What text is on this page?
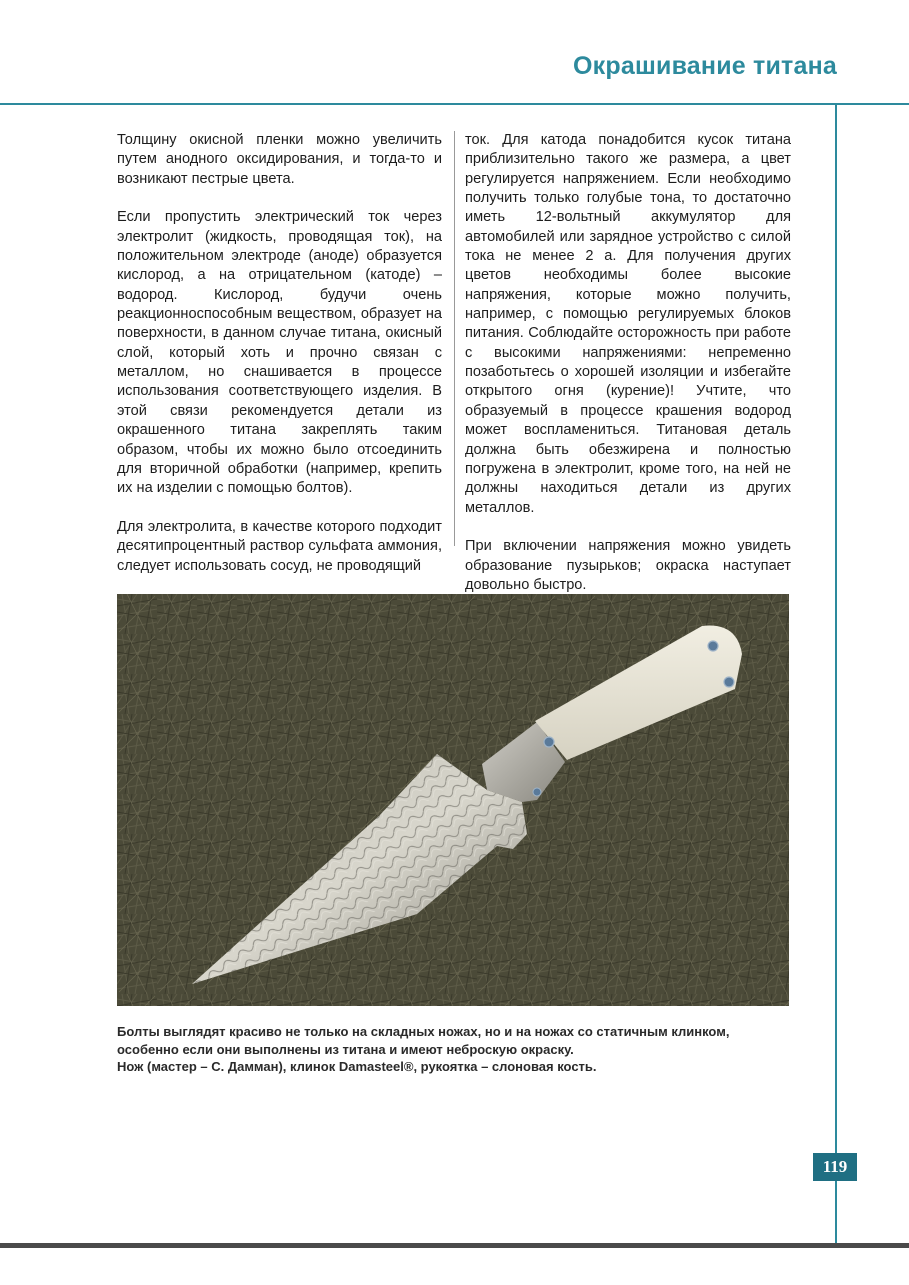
Окрашивание титана

Толщину окисной пленки можно увеличить путем анодного оксидирования, и тогда-то и возникают пестрые цвета.

Если пропустить электрический ток через электролит (жидкость, проводящая ток), на положительном электроде (аноде) образуется кислород, а на отрицательном (катоде) – водород. Кислород, будучи очень реакционноспособным веществом, образует на поверхности, в данном случае титана, окисный слой, который хоть и прочно связан с металлом, но снашивается в процессе использования соответствующего изделия. В этой связи рекомендуется детали из окрашенного титана закреплять таким образом, чтобы их можно было отсоединить для вторичной обработки (например, крепить их на изделии с помощью болтов).

Для электролита, в качестве которого подходит десятипроцентный раствор сульфата аммония, следует использовать сосуд, не проводящий

ток. Для катода понадобится кусок титана приблизительно такого же размера, а цвет регулируется напряжением. Если необходимо получить только голубые тона, то достаточно иметь 12-вольтный аккумулятор для автомобилей или зарядное устройство с силой тока не менее 2 а. Для получения других цветов необходимы более высокие напряжения, которые можно получить, например, с помощью регулируемых блоков питания. Соблюдайте осторожность при работе с высокими напряжениями: непременно позаботьтесь о хорошей изоляции и избегайте открытого огня (курение)! Учтите, что образуемый в процессе крашения водород может воспламениться. Титановая деталь должна быть обезжирена и полностью погружена в электролит, кроме того, на ней не должны находиться детали из других металлов.

При включении напряжения можно увидеть образование пузырьков; окраска наступает довольно быстро.

Болты выглядят красиво не только на складных ножах, но и на ножах со статичным клинком,
особенно если они выполнены из титана и имеют неброскую окраску.
Нож (мастер – С. Дамман), клинок Damasteel®, рукоятка – слоновая кость.
119
